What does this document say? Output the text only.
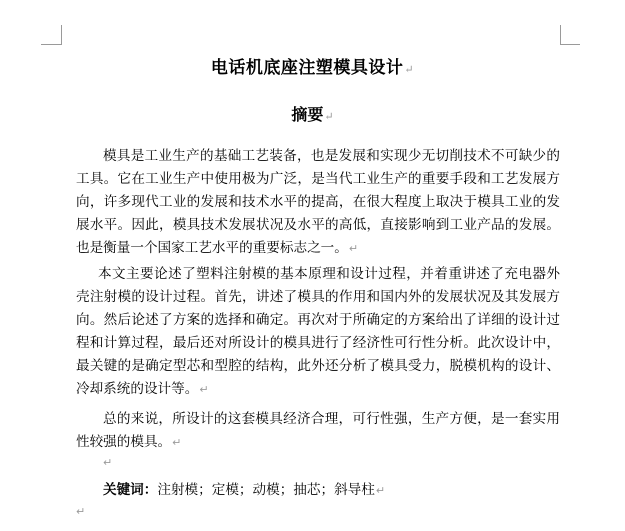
电话机底座注塑模具设计↵
摘要↵

模具是工业生产的基础工艺装备，也是发展和实现少无切削技术不可缺少的工具。它在工业生产中使用极为广泛，是当代工业生产的重要手段和工艺发展方向，许多现代工业的发展和技术水平的提高，在很大程度上取决于模具工业的发展水平。因此，模具技术发展状况及水平的高低，直接影响到工业产品的发展。也是衡量一个国家工艺水平的重要标志之一。↵

本文主要论述了塑料注射模的基本原理和设计过程，并着重讲述了充电器外壳注射模的设计过程。首先，讲述了模具的作用和国内外的发展状况及其发展方向。然后论述了方案的选择和确定。再次对于所确定的方案给出了详细的设计过程和计算过程，最后还对所设计的模具进行了经济性可行性分析。此次设计中，最关键的是确定型芯和型腔的结构，此外还分析了模具受力，脱模机构的设计、冷却系统的设计等。↵

总的来说，所设计的这套模具经济合理，可行性强，生产方便，是一套实用性较强的模具。↵

↵

关键词：注射模；定模；动模；抽芯；斜导柱↵

↵
